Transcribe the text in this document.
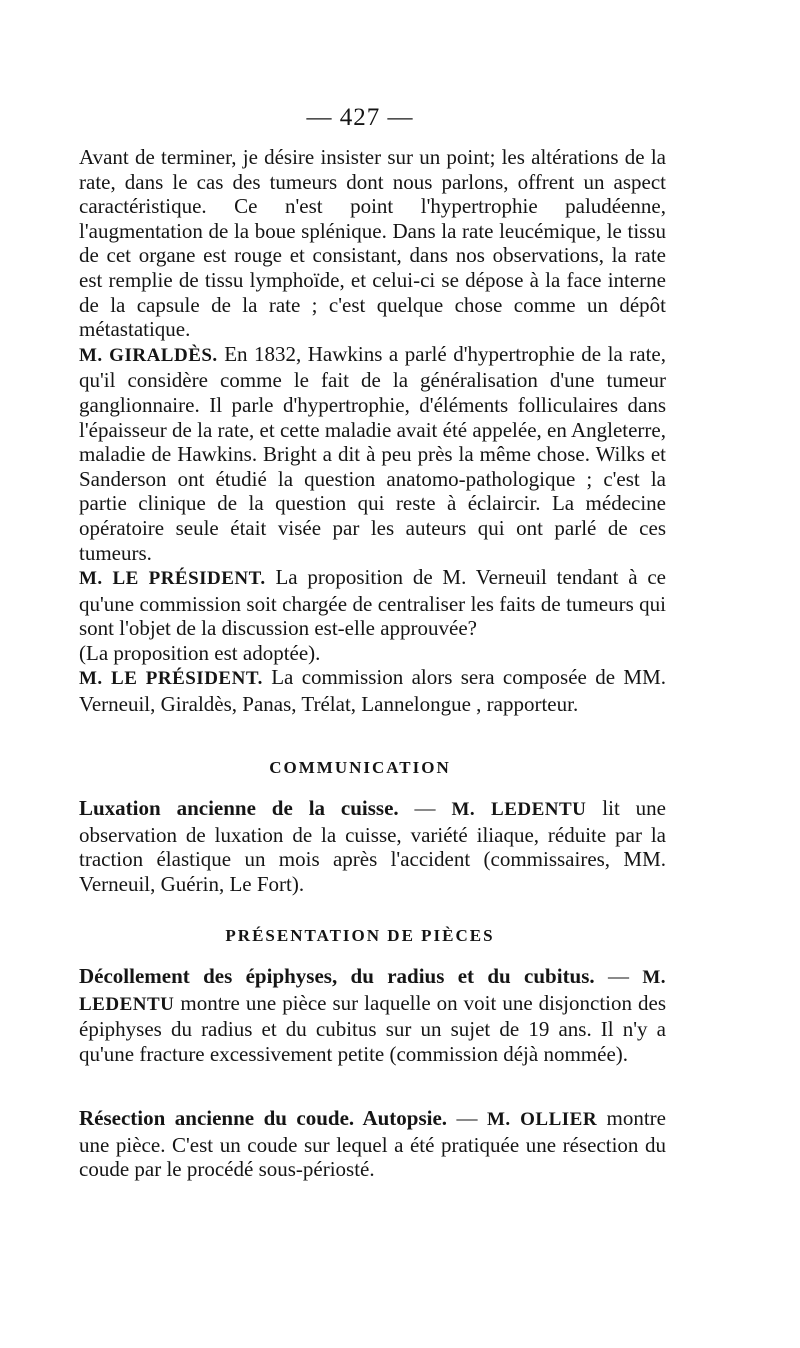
— 427 —

Avant de terminer, je désire insister sur un point; les altérations de la rate, dans le cas des tumeurs dont nous parlons, offrent un aspect caractéristique. Ce n'est point l'hypertrophie paludéenne, l'augmentation de la boue splénique. Dans la rate leucémique, le tissu de cet organe est rouge et consistant, dans nos observations, la rate est remplie de tissu lymphoïde, et celui-ci se dépose à la face interne de la capsule de la rate ; c'est quelque chose comme un dépôt métastatique.

M. GIRALDÈS. En 1832, Hawkins a parlé d'hypertrophie de la rate, qu'il considère comme le fait de la généralisation d'une tumeur ganglionnaire. Il parle d'hypertrophie, d'éléments folliculaires dans l'épaisseur de la rate, et cette maladie avait été appelée, en Angleterre, maladie de Hawkins. Bright a dit à peu près la même chose. Wilks et Sanderson ont étudié la question anatomo-pathologique ; c'est la partie clinique de la question qui reste à éclaircir. La médecine opératoire seule était visée par les auteurs qui ont parlé de ces tumeurs.

M. LE PRÉSIDENT. La proposition de M. Verneuil tendant à ce qu'une commission soit chargée de centraliser les faits de tumeurs qui sont l'objet de la discussion est-elle approuvée?

(La proposition est adoptée).

M. LE PRÉSIDENT. La commission alors sera composée de MM. Verneuil, Giraldès, Panas, Trélat, Lannelongue , rapporteur.

COMMUNICATION

Luxation ancienne de la cuisse. — M. LEDENTU lit une observation de luxation de la cuisse, variété iliaque, réduite par la traction élastique un mois après l'accident (commissaires, MM. Verneuil, Guérin, Le Fort).

PRÉSENTATION DE PIÈCES

Décollement des épiphyses, du radius et du cubitus. — M. LEDENTU montre une pièce sur laquelle on voit une disjonction des épiphyses du radius et du cubitus sur un sujet de 19 ans. Il n'y a qu'une fracture excessivement petite (commission déjà nommée).

Résection ancienne du coude. Autopsie. — M. OLLIER montre une pièce. C'est un coude sur lequel a été pratiquée une résection du coude par le procédé sous-périosté.
